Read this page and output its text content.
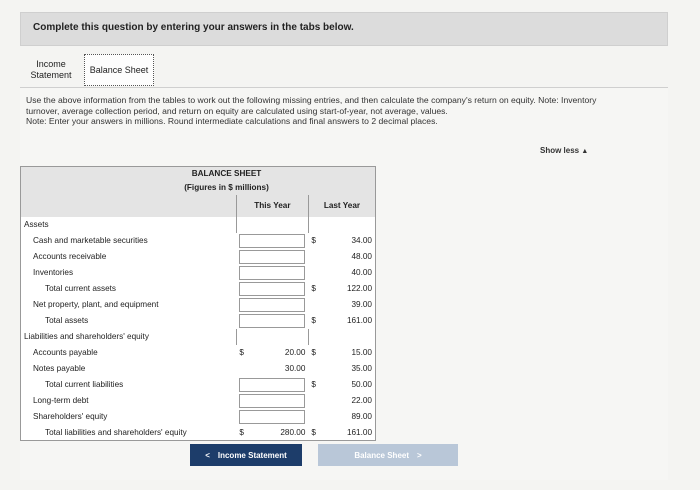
Complete this question by entering your answers in the tabs below.
Income
Statement	Balance Sheet
Use the above information from the tables to work out the following missing entries, and then calculate the company's return on equity. Note: Inventory turnover, average collection period, and return on equity are calculated using start-of-year, not average, values.
Note: Enter your answers in millions. Round intermediate calculations and final answers to 2 decimal places.
Show less ▲
BALANCE SHEET		
(Figures in $ millions)		
	This Year	Last Year
Assets		
Cash and marketable securities		$ 34.00

Accounts receivable		48.00

Inventories		40.00

Total current assets		$ 122.00

Net property, plant, and equipment		39.00

Total assets		$ 161.00

Liabilities and shareholders' equity		
Accounts payable	$ 20.00	$ 15.00

Notes payable	30.00	35.00

Total current liabilities		$ 50.00

Long-term debt		22.00

Shareholders' equity		89.00

Total liabilities and shareholders' equity	$ 280.00	$ 161.00
< Income Statement	Balance Sheet >
